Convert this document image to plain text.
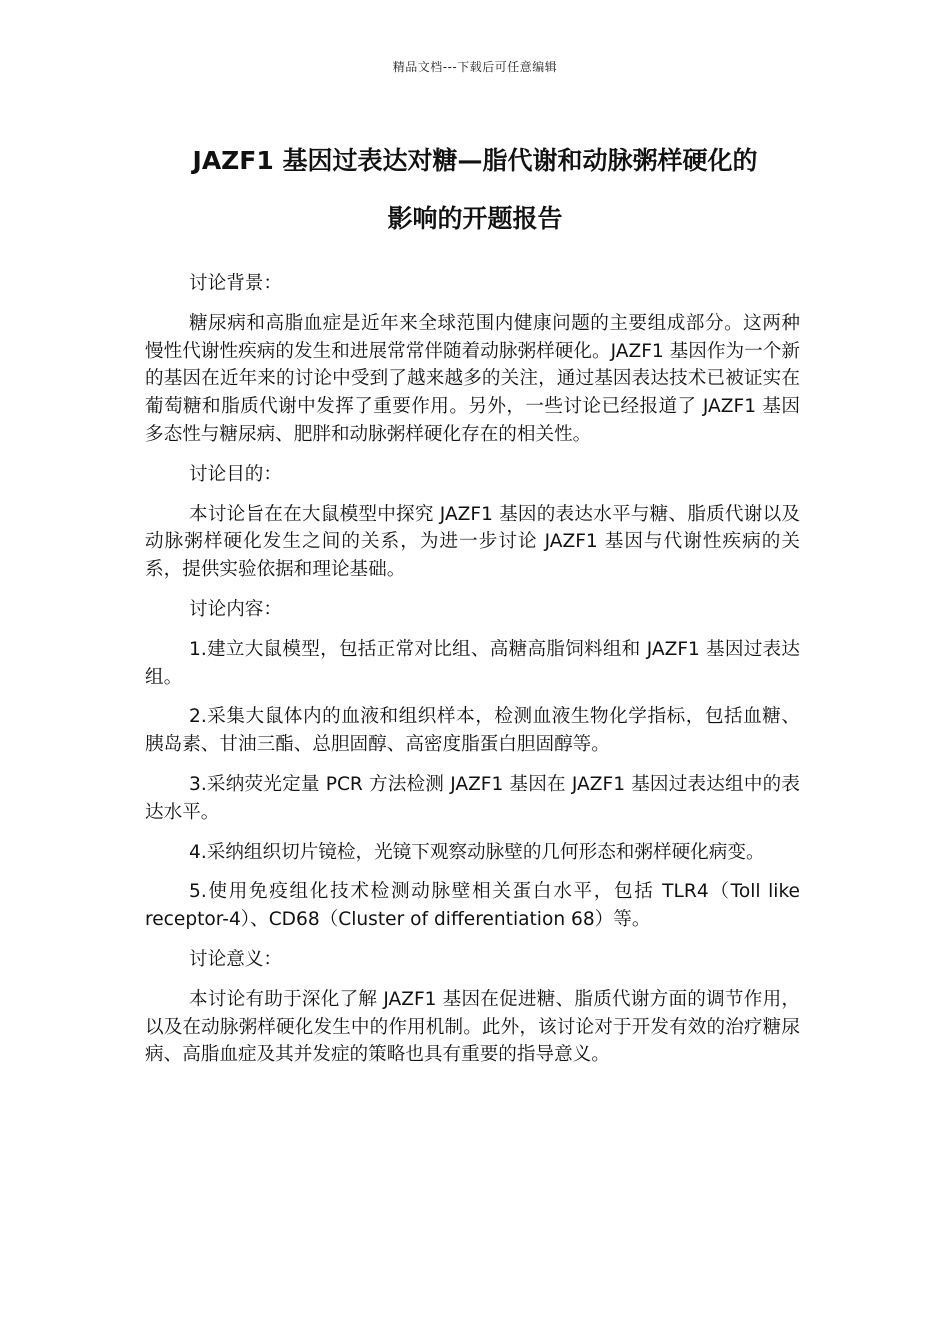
精品文档---下载后可任意编辑
JAZF1 基因过表达对糖—脂代谢和动脉粥样硬化的
影响的开题报告

讨论背景：

糖尿病和高脂血症是近年来全球范围内健康问题的主要组成部分。这两种慢性代谢性疾病的发生和进展常常伴随着动脉粥样硬化。JAZF1 基因作为一个新的基因在近年来的讨论中受到了越来越多的关注，通过基因表达技术已被证实在葡萄糖和脂质代谢中发挥了重要作用。另外，一些讨论已经报道了 JAZF1 基因多态性与糖尿病、肥胖和动脉粥样硬化存在的相关性。

讨论目的：

本讨论旨在在大鼠模型中探究 JAZF1 基因的表达水平与糖、脂质代谢以及动脉粥样硬化发生之间的关系，为进一步讨论 JAZF1 基因与代谢性疾病的关系，提供实验依据和理论基础。

讨论内容：

1.建立大鼠模型，包括正常对比组、高糖高脂饲料组和 JAZF1 基因过表达组。

2.采集大鼠体内的血液和组织样本，检测血液生物化学指标，包括血糖、胰岛素、甘油三酯、总胆固醇、高密度脂蛋白胆固醇等。

3.采纳荧光定量 PCR 方法检测 JAZF1 基因在 JAZF1 基因过表达组中的表达水平。

4.采纳组织切片镜检，光镜下观察动脉壁的几何形态和粥样硬化病变。

5.使用免疫组化技术检测动脉壁相关蛋白水平，包括 TLR4（Toll like receptor-4）、CD68（Cluster of differentiation 68）等。

讨论意义：

本讨论有助于深化了解 JAZF1 基因在促进糖、脂质代谢方面的调节作用，以及在动脉粥样硬化发生中的作用机制。此外，该讨论对于开发有效的治疗糖尿病、高脂血症及其并发症的策略也具有重要的指导意义。
